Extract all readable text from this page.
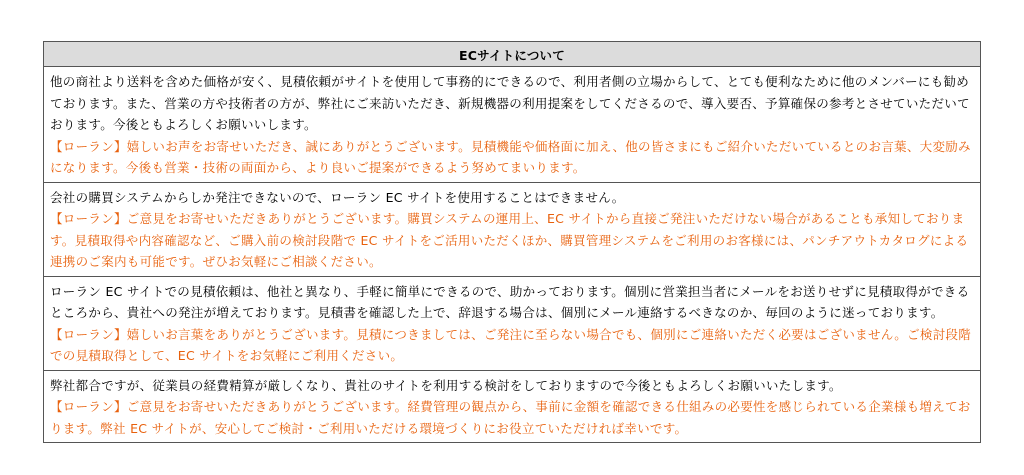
ECサイトについて

他の商社より送料を含めた価格が安く、見積依頼がサイトを使用して事務的にできるので、利用者側の立場からして、とても便利なために他のメンバーにも勧めております。また、営業の方や技術者の方が、弊社にご来訪いただき、新規機器の利用提案をしてくださるので、導入要否、予算確保の参考とさせていただいております。今後ともよろしくお願いいします。

【ローラン】嬉しいお声をお寄せいただき、誠にありがとうございます。見積機能や価格面に加え、他の皆さまにもご紹介いただいているとのお言葉、大変励みになります。今後も営業・技術の両面から、より良いご提案ができるよう努めてまいります。

会社の購買システムからしか発注できないので、ローラン EC サイトを使用することはできません。

【ローラン】ご意見をお寄せいただきありがとうございます。購買システムの運用上、EC サイトから直接ご発注いただけない場合があることも承知しております。見積取得や内容確認など、ご購入前の検討段階で EC サイトをご活用いただくほか、購買管理システムをご利用のお客様には、パンチアウトカタログによる連携のご案内も可能です。ぜひお気軽にご相談ください。

ローラン EC サイトでの見積依頼は、他社と異なり、手軽に簡単にできるので、助かっております。個別に営業担当者にメールをお送りせずに見積取得ができるところから、貴社への発注が増えております。見積書を確認した上で、辞退する場合は、個別にメール連絡するべきなのか、毎回のように迷っております。

【ローラン】嬉しいお言葉をありがとうございます。見積につきましては、ご発注に至らない場合でも、個別にご連絡いただく必要はございません。ご検討段階での見積取得として、EC サイトをお気軽にご利用ください。

弊社都合ですが、従業員の経費精算が厳しくなり、貴社のサイトを利用する検討をしておりますので今後ともよろしくお願いいたします。

【ローラン】ご意見をお寄せいただきありがとうございます。経費管理の観点から、事前に金額を確認できる仕組みの必要性を感じられている企業様も増えております。弊社 EC サイトが、安心してご検討・ご利用いただける環境づくりにお役立ていただければ幸いです。
